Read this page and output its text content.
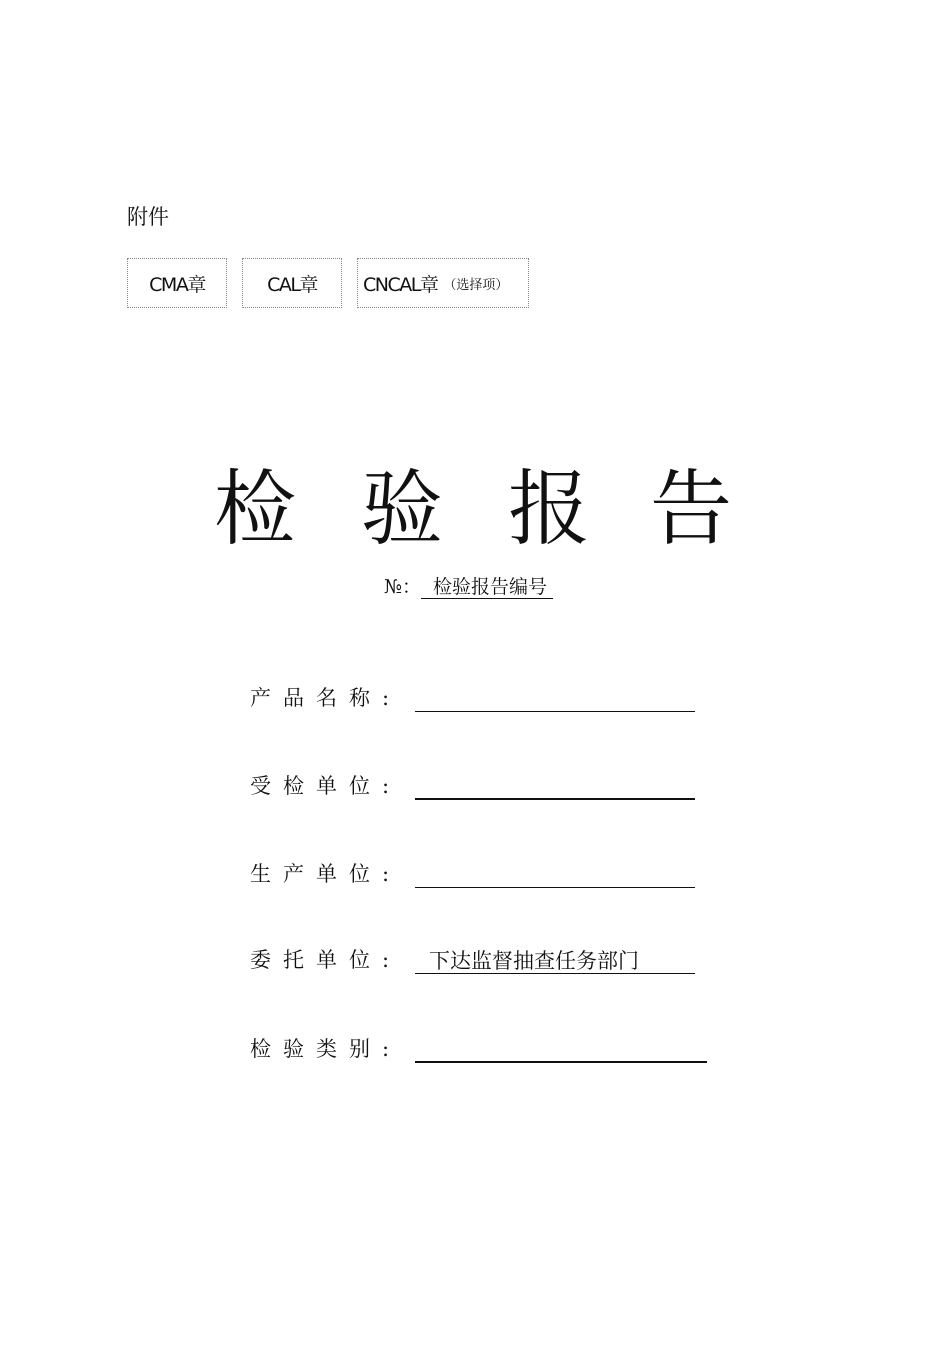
附件
CMA章	CAL章 CNCAL章 （选择项）
检 验 报 告
№： 检验报告编号
产品名称:
受检单位:
生产单位:
委托单位:	下达监督抽查任务部门
检验类别:
